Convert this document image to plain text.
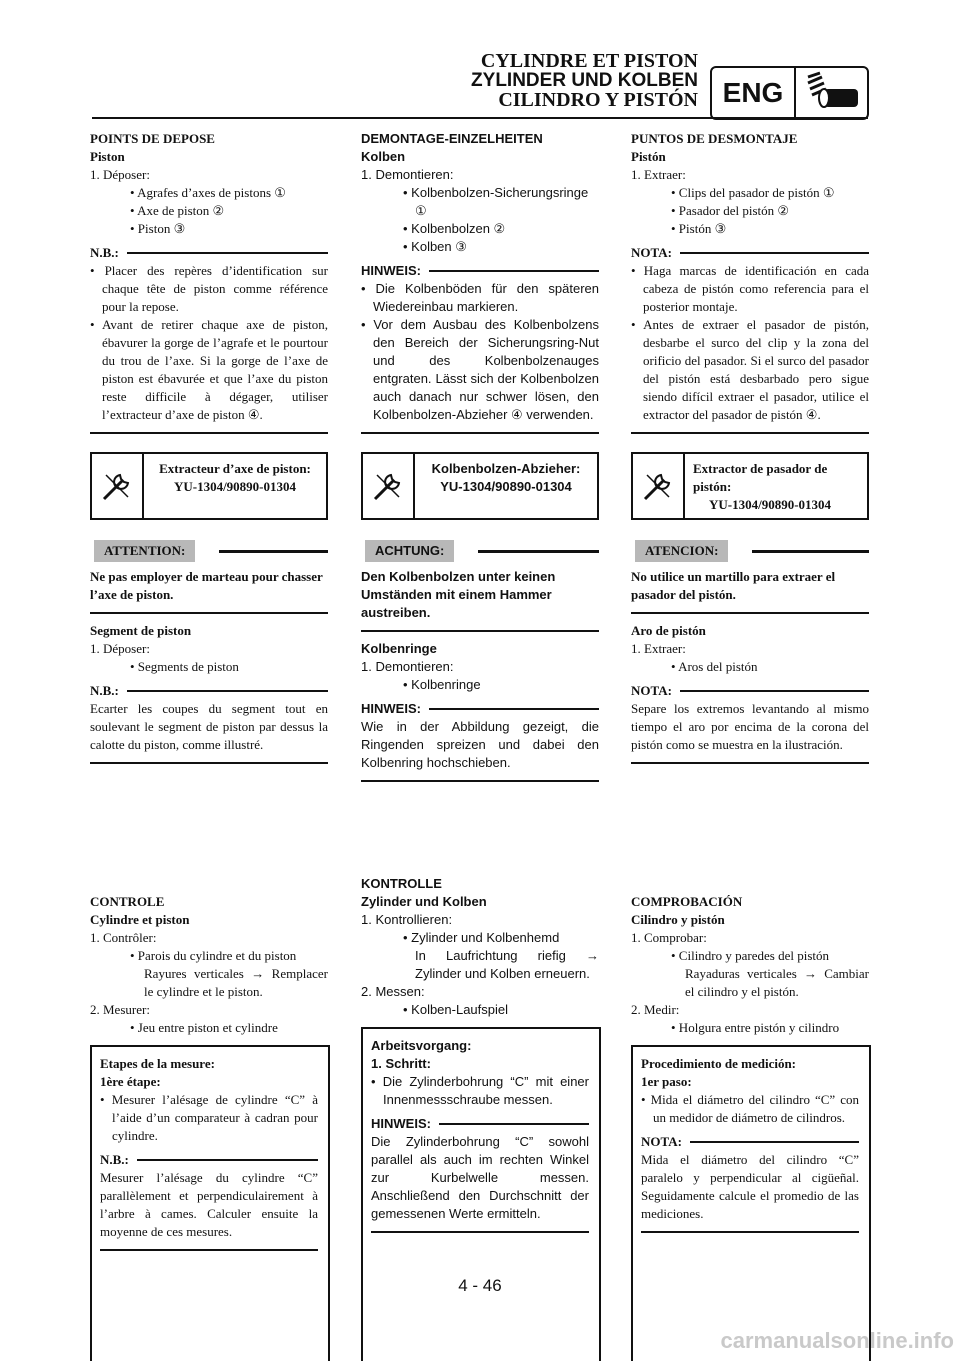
CYLINDRE ET PISTON
ZYLINDER UND KOLBEN
CILINDRO Y PISTÓN ENG
POINTS DE DEPOSE
Piston
1. Déposer:
• Agrafes d’axes de pistons ①
• Axe de piston ②
• Piston ③
N.B.:
• Placer des repères d’identification sur chaque tête de piston comme référence pour la repose.
• Avant de retirer chaque axe de piston, ébavurer la gorge de l’agrafe et le pourtour du trou de l’axe. Si la gorge de l’axe de piston est ébavurée et que l’axe du piston reste difficile à dégager, utiliser l’extracteur d’axe de piston ④.
Extracteur d’axe de piston:
YU-1304/90890-01304
ATTENTION:
Ne pas employer de marteau pour chasser l’axe de piston.
Segment de piston
1. Déposer:
• Segments de piston
N.B.:
Ecarter les coupes du segment tout en soulevant le segment de piston par dessus la calotte du piston, comme illustré.
DEMONTAGE-EINZELHEITEN
Kolben
1. Demontieren:
• Kolbenbolzen-Sicherungsringe ①
• Kolbenbolzen ②
• Kolben ③
HINWEIS:
• Die Kolbenböden für den späteren Wiedereinbau markieren.
• Vor dem Ausbau des Kolbenbolzens den Bereich der Sicherungsring-Nut und des Kolbenbolzenauges entgraten. Lässt sich der Kolbenbolzen auch danach nur schwer lösen, den Kolbenbolzen-Abzieher ④ verwenden.
Kolbenbolzen-Abzieher:
YU-1304/90890-01304
ACHTUNG:
Den Kolbenbolzen unter keinen Umständen mit einem Hammer austreiben.
Kolbenringe
1. Demontieren:
• Kolbenringe
HINWEIS:
Wie in der Abbildung gezeigt, die Ringenden spreizen und dabei den Kolbenring hochschieben.
PUNTOS DE DESMONTAJE
Pistón
1. Extraer:
• Clips del pasador de pistón ①
• Pasador del pistón ②
• Pistón ③
NOTA:
• Haga marcas de identificación en cada cabeza de pistón como referencia para el posterior montaje.
• Antes de extraer el pasador de pistón, desbarbe el surco del clip y la zona del orificio del pasador. Si el surco del pasador del pistón está desbarbado pero sigue siendo difícil extraer el pasador, utilice el extractor del pasador de pistón ④.
Extractor de pasador de pistón:
YU-1304/90890-01304
ATENCION:
No utilice un martillo para extraer el pasador del pistón.
Aro de pistón
1. Extraer:
• Aros del pistón
NOTA:
Separe los extremos levantando al mismo tiempo el aro por encima de la corona del pistón como se muestra en la ilustración.
CONTROLE
Cylindre et piston
1. Contrôler:
• Parois du cylindre et du piston
Rayures verticales → Remplacer le cylindre et le piston.
2. Mesurer:
• Jeu entre piston et cylindre
Etapes de la mesure:
1ère étape:
• Mesurer l’alésage de cylindre “C” à l’aide d’un comparateur à cadran pour cylindre.
N.B.:
Mesurer l’alésage du cylindre “C” parallèlement et perpendiculairement à l’arbre à cames. Calculer ensuite la moyenne de ces mesures.
KONTROLLE
Zylinder und Kolben
1. Kontrollieren:
• Zylinder und Kolbenhemd
In Laufrichtung riefig → Zylinder und Kolben erneuern.
2. Messen:
• Kolben-Laufspiel
Arbeitsvorgang:
1. Schritt:
• Die Zylinderbohrung “C” mit einer Innenmessschraube messen.
HINWEIS:
Die Zylinderbohrung “C” sowohl parallel als auch im rechten Winkel zur Kurbelwelle messen. Anschließend den Durchschnitt der gemessenen Werte ermitteln.
COMPROBACIÓN
Cilindro y pistón
1. Comprobar:
• Cilindro y paredes del pistón
Rayaduras verticales → Cambiar el cilindro y el pistón.
2. Medir:
• Holgura entre pistón y cilindro
Procedimiento de medición:
1er paso:
• Mida el diámetro del cilindro “C” con un medidor de diámetro de cilindros.
NOTA:
Mida el diámetro del cilindro “C” paralelo y perpendicular al cigüeñal. Seguidamente calcule el promedio de las mediciones.
4 - 46
carmanualsonline.info
